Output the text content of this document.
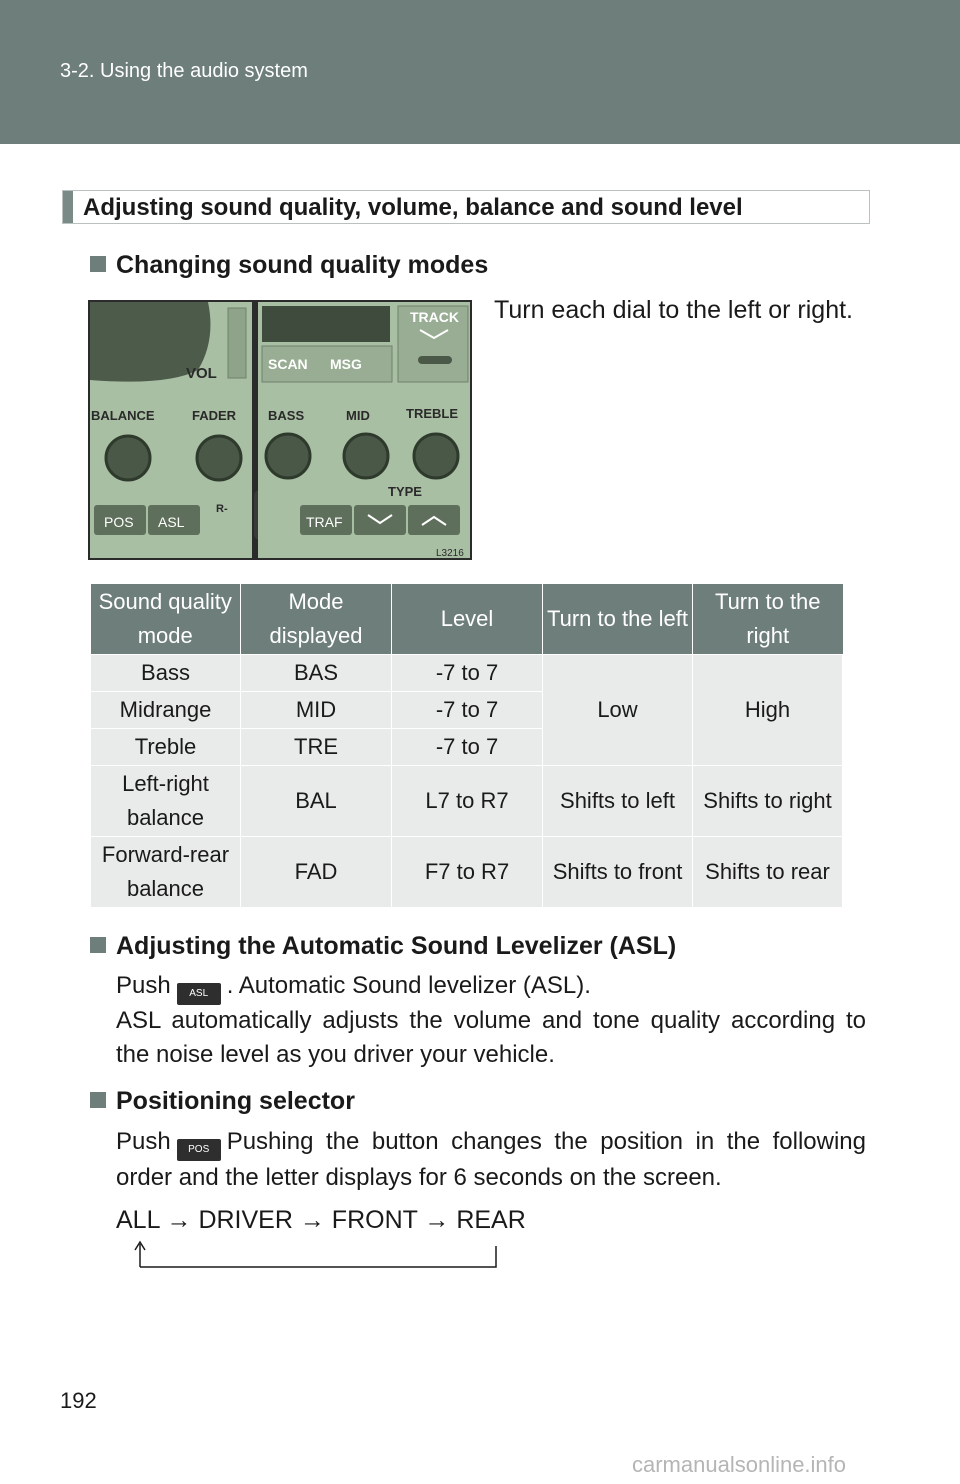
3-2. Using the audio system
Adjusting sound quality, volume, balance and sound level
Changing sound quality modes
VOL
BALANCE	FADER
POS ASL
R-
TRACK
SCAN MSG
BASS	MID	TREBLE
TYPE
TRAF
L3216
Turn each dial to the left or right.
Sound quality mode	Mode displayed	Level	Turn to the left	Turn to the right
Bass	BAS	-7 to 7	Low	High
Midrange	MID	-7 to 7		
Treble	TRE	-7 to 7		
Left-right balance	BAL	L7 to R7	Shifts to left	Shifts to right
Forward-rear balance	FAD	F7 to R7	Shifts to front	Shifts to rear
Adjusting the Automatic Sound Levelizer (ASL)
Push ASL . Automatic Sound levelizer (ASL).
ASL automatically adjusts the volume and tone quality according to the noise level as you driver your vehicle.
Positioning selector
Push POS Pushing the button changes the position in the following order and the letter displays for 6 seconds on the screen.
ALL → DRIVER → FRONT → REAR
192
carmanualsonline.info
